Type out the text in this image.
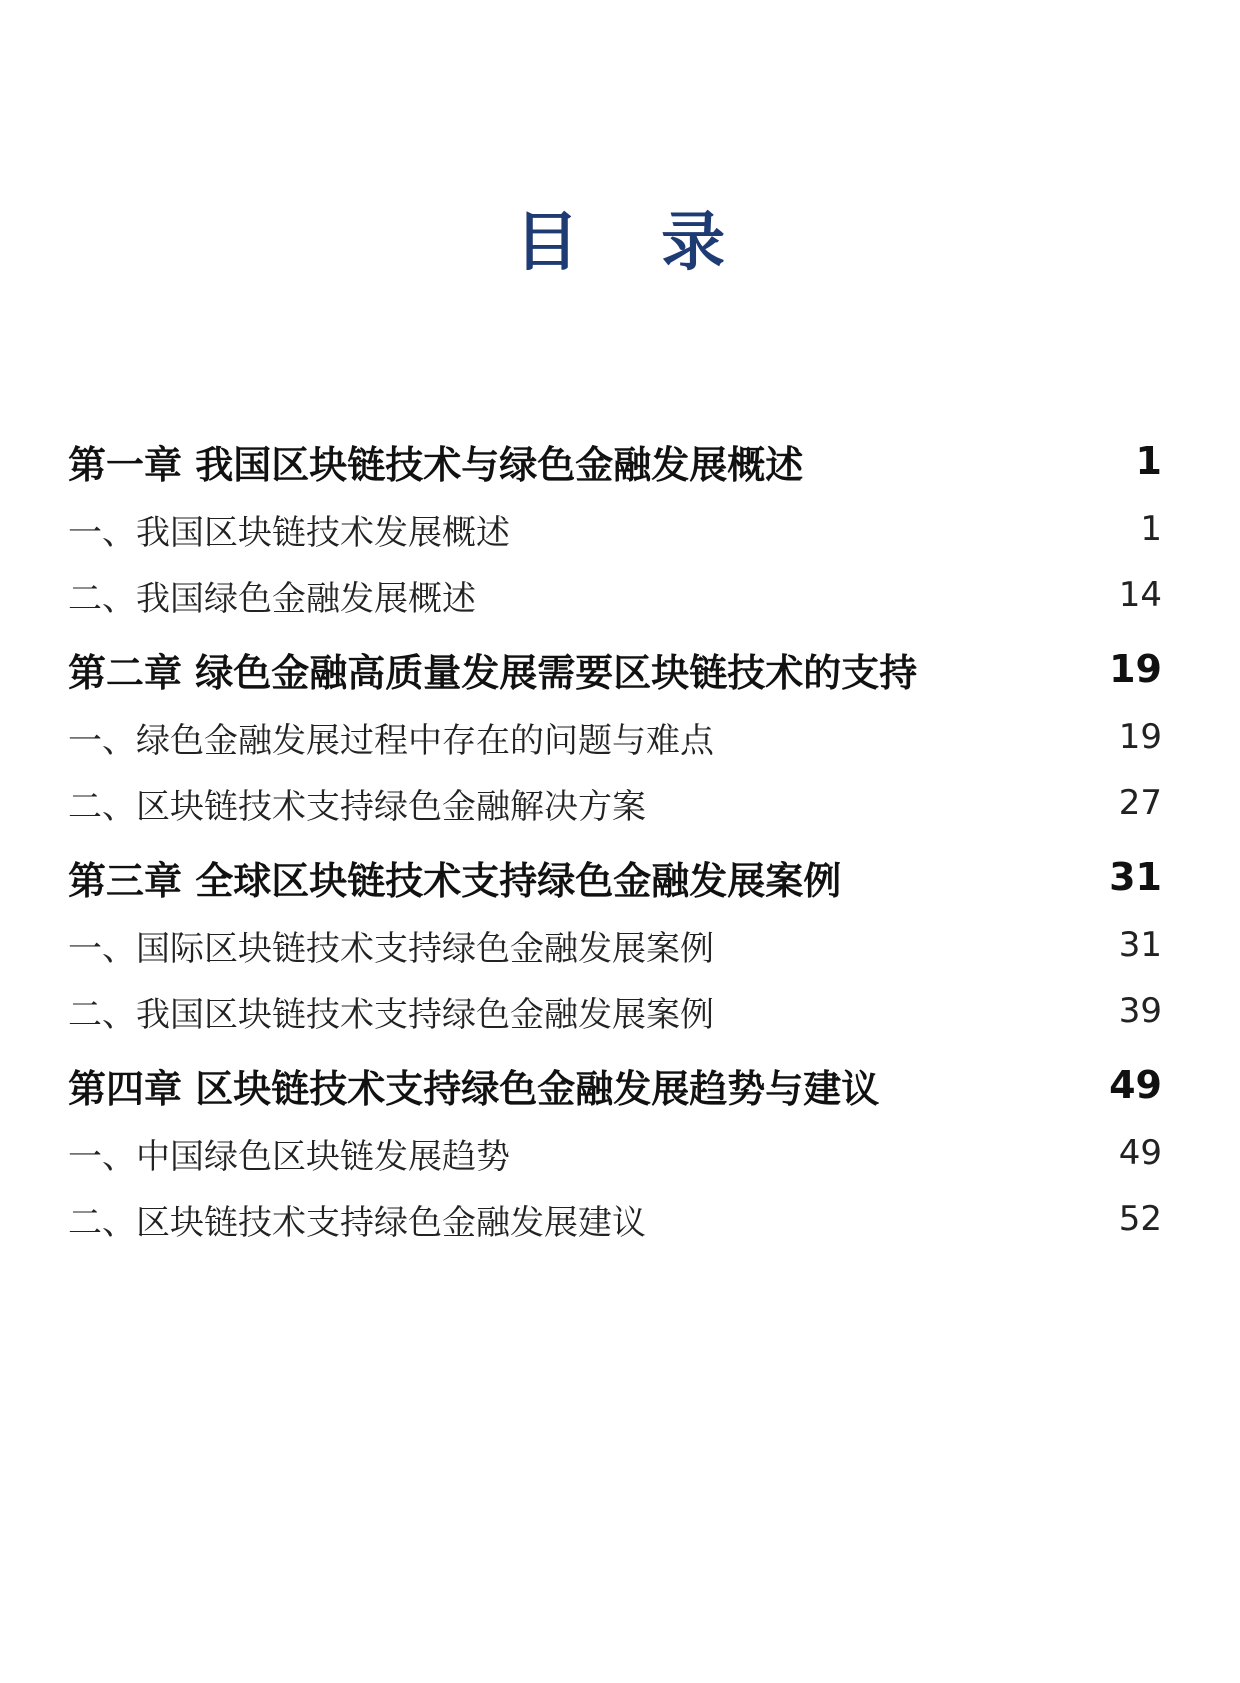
目 录
第一章 我国区块链技术与绿色金融发展概述	1
一、我国区块链技术发展概述	1
二、我国绿色金融发展概述	14
第二章 绿色金融高质量发展需要区块链技术的支持	19
一、绿色金融发展过程中存在的问题与难点	19
二、区块链技术支持绿色金融解决方案	27
第三章 全球区块链技术支持绿色金融发展案例	31
一、国际区块链技术支持绿色金融发展案例	31
二、我国区块链技术支持绿色金融发展案例	39
第四章 区块链技术支持绿色金融发展趋势与建议	49
一、中国绿色区块链发展趋势	49
二、区块链技术支持绿色金融发展建议	52
